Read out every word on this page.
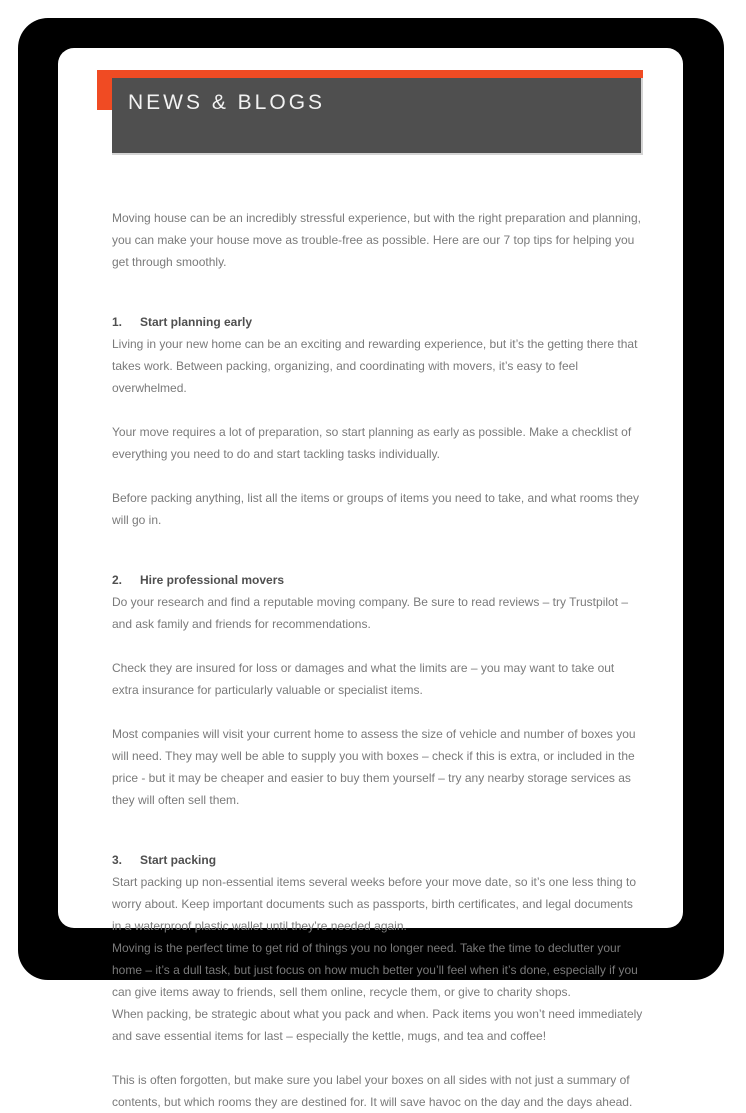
NEWS & BLOGS

Moving house can be an incredibly stressful experience, but with the right preparation and planning, you can make your house move as trouble-free as possible. Here are our 7 top tips for helping you get through smoothly.

1.	Start planning early

Living in your new home can be an exciting and rewarding experience, but it’s the getting there that takes work. Between packing, organizing, and coordinating with movers, it’s easy to feel overwhelmed.

Your move requires a lot of preparation, so start planning as early as possible. Make a checklist of everything you need to do and start tackling tasks individually.

Before packing anything, list all the items or groups of items you need to take, and what rooms they will go in.

2.	Hire professional movers

Do your research and find a reputable moving company. Be sure to read reviews – try Trustpilot – and ask family and friends for recommendations.

Check they are insured for loss or damages and what the limits are – you may want to take out extra insurance for particularly valuable or specialist items.

Most companies will visit your current home to assess the size of vehicle and number of boxes you will need. They may well be able to supply you with boxes – check if this is extra, or included in the price - but it may be cheaper and easier to buy them yourself – try any nearby storage services as they will often sell them.

3.	Start packing

Start packing up non-essential items several weeks before your move date, so it’s one less thing to worry about. Keep important documents such as passports, birth certificates, and legal documents in a waterproof plastic wallet until they’re needed again.

Moving is the perfect time to get rid of things you no longer need. Take the time to declutter your home – it’s a dull task, but just focus on how much better you’ll feel when it’s done, especially if you can give items away to friends, sell them online, recycle them, or give to charity shops.

When packing, be strategic about what you pack and when. Pack items you won’t need immediately and save essential items for last – especially the kettle, mugs, and tea and coffee!

This is often forgotten, but make sure you label your boxes on all sides with not just a summary of contents, but which rooms they are destined for. It will save havoc on the day and the days ahead.
